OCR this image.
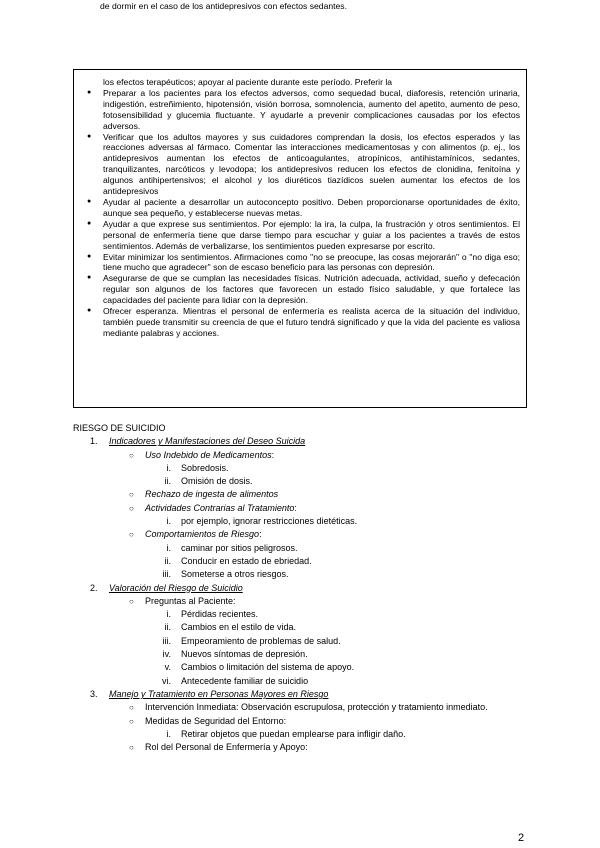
de dormir en el caso de los antidepresivos con efectos sedantes.
los efectos terapéuticos; apoyar al paciente durante este período. Preferir la
● Preparar a los pacientes para los efectos adversos, como sequedad bucal, diaforesis, retención urinaria, indigestión, estreñimiento, hipotensión, visión borrosa, somnolencia, aumento del apetito, aumento de peso, fotosensibilidad y glucemia fluctuante. Y ayudarle a prevenir complicaciones causadas por los efectos adversos.
● Verificar que los adultos mayores y sus cuidadores comprendan la dosis, los efectos esperados y las reacciones adversas al fármaco. Comentar las interacciones medicamentosas y con alimentos (p. ej., los antidepresivos aumentan los efectos de anticoagulantes, atropínicos, antihistamínicos, sedantes, tranquilizantes, narcóticos y levodopa; los antidepresivos reducen los efectos de clonidina, fenitoína y algunos antihipertensivos; el alcohol y los diuréticos tiazídicos suelen aumentar los efectos de los antidepresivos
● Ayudar al paciente a desarrollar un autoconcepto positivo. Deben proporcionarse oportunidades de éxito, aunque sea pequeño, y establecerse nuevas metas.
● Ayudar a que exprese sus sentimientos. Por ejemplo: la ira, la culpa, la frustración y otros sentimientos. El personal de enfermería tiene que darse tiempo para escuchar y guiar a los pacientes a través de estos sentimientos. Además de verbalizarse, los sentimientos pueden expresarse por escrito.
● Evitar minimizar los sentimientos. Afirmaciones como "no se preocupe, las cosas mejorarán" o "no diga eso; tiene mucho que agradecer" son de escaso beneficio para las personas con depresión.
● Asegurarse de que se cumplan las necesidades físicas. Nutrición adecuada, actividad, sueño y defecación regular son algunos de los factores que favorecen un estado físico saludable, y que fortalece las capacidades del paciente para lidiar con la depresión.
● Ofrecer esperanza. Mientras el personal de enfermería es realista acerca de la situación del individuo, también puede transmitir su creencia de que el futuro tendrá significado y que la vida del paciente es valiosa mediante palabras y acciones.
RIESGO DE SUICIDIO
1. Indicadores y Manifestaciones del Deseo Suicida
○ Uso Indebido de Medicamentos:
i. Sobredosis.
ii. Omisión de dosis.
○ Rechazo de ingesta de alimentos
○ Actividades Contrarias al Tratamiento:
i. por ejemplo, ignorar restricciones dietéticas.
○ Comportamientos de Riesgo:
i. caminar por sitios peligrosos.
ii. Conducir en estado de ebriedad.
iii. Someterse a otros riesgos.
2. Valoración del Riesgo de Suicidio
○ Preguntas al Paciente:
i. Pérdidas recientes.
ii. Cambios en el estilo de vida.
iii. Empeoramiento de problemas de salud.
iv. Nuevos síntomas de depresión.
v. Cambios o limitación del sistema de apoyo.
vi. Antecedente familiar de suicidio
3. Manejo y Tratamiento en Personas Mayores en Riesgo
○ Intervención Inmediata: Observación escrupulosa, protección y tratamiento inmediato.
○ Medidas de Seguridad del Entorno:
i. Retirar objetos que puedan emplearse para infligir daño.
○ Rol del Personal de Enfermería y Apoyo:
2
